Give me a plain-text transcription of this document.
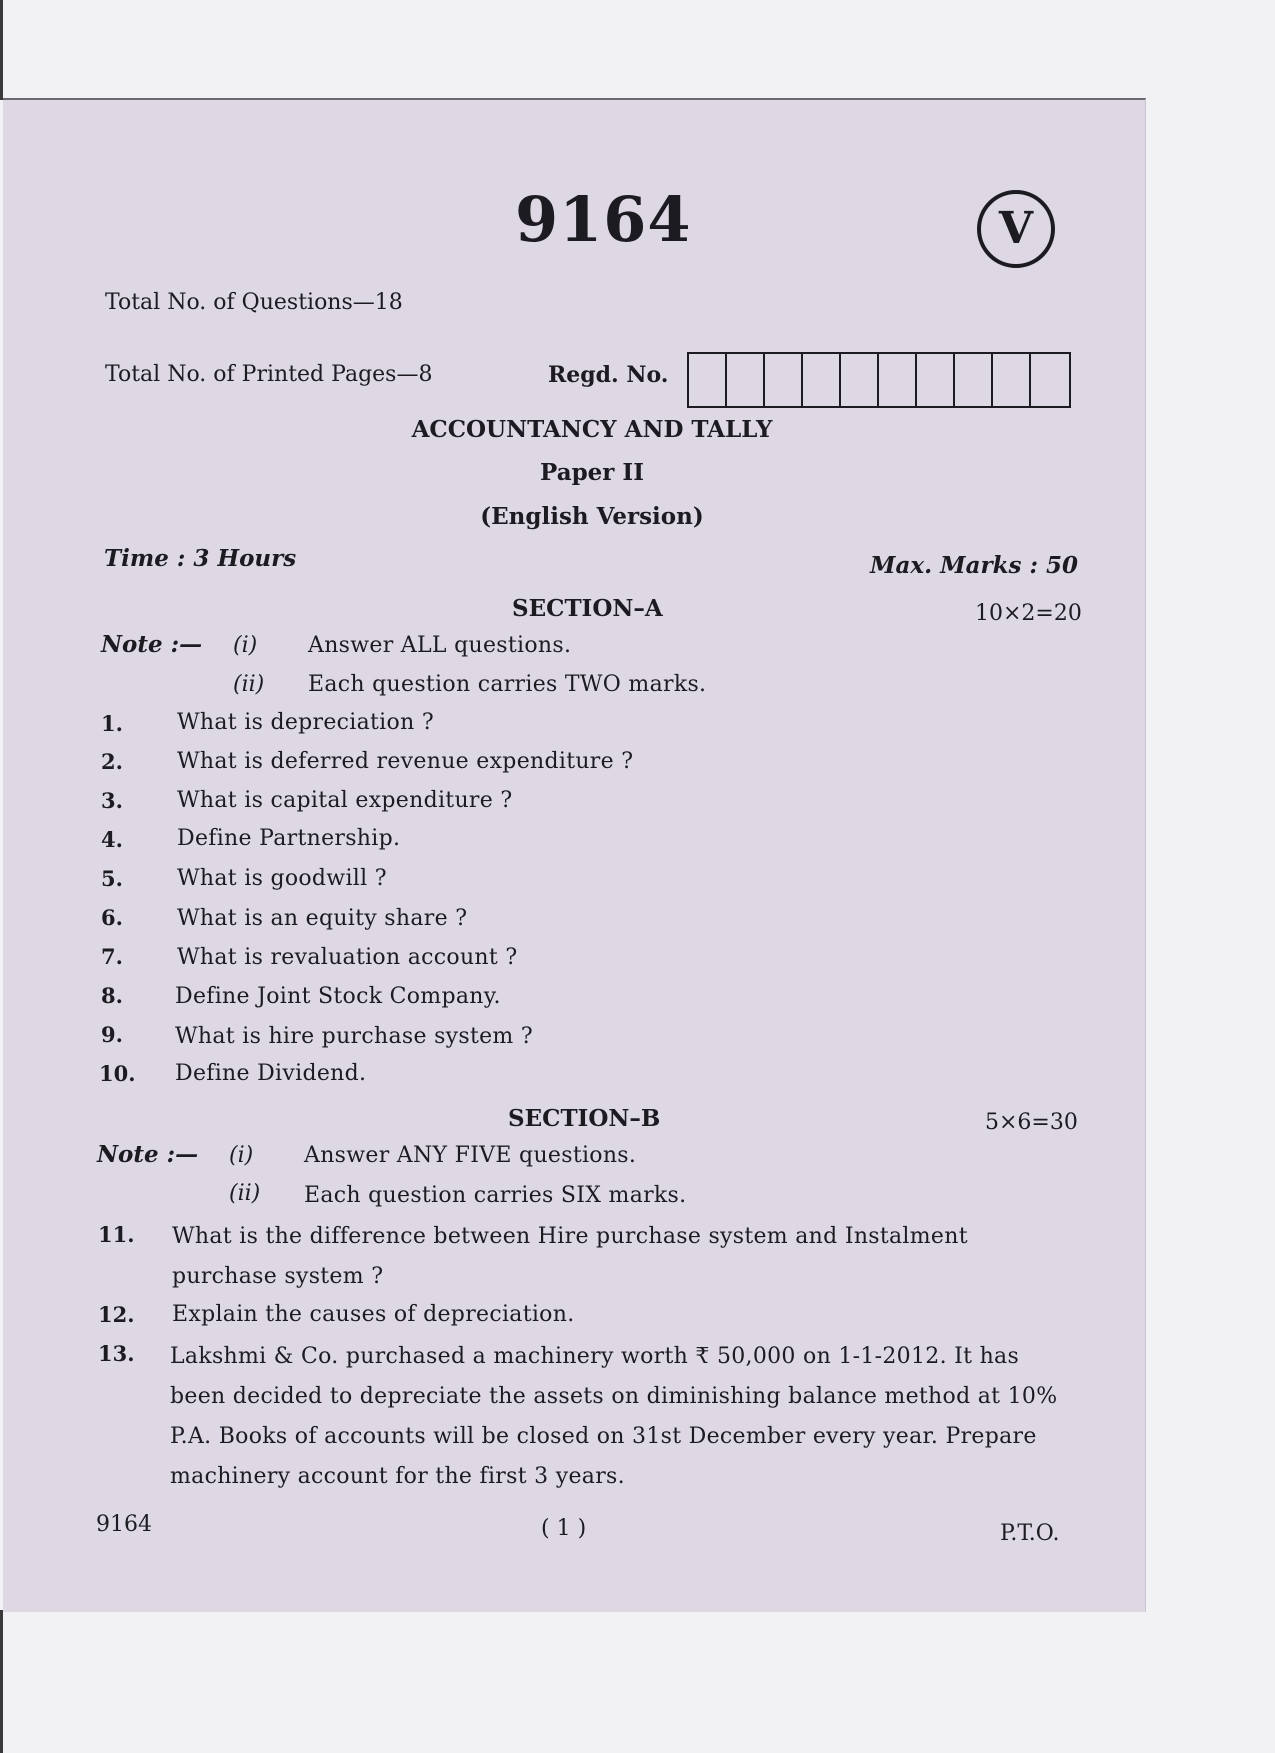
9164	V
Total No. of Questions—18
Total No. of Printed Pages—8	Regd. No.
ACCOUNTANCY AND TALLY
Paper II
(English Version)
Time : 3 Hours	Max. Marks : 50
SECTION–A	10×2=20
Note :— (i) Answer ALL questions.
(ii) Each question carries TWO marks.
1. What is depreciation ?
2. What is deferred revenue expenditure ?
3. What is capital expenditure ?
4. Define Partnership.
5. What is goodwill ?
6. What is an equity share ?
7. What is revaluation account ?
8. Define Joint Stock Company.
9. What is hire purchase system ?
10. Define Dividend.
SECTION–B	5×6=30
Note :— (i) Answer ANY FIVE questions.
(ii) Each question carries SIX marks.
11. What is the difference between Hire purchase system and Instalment purchase system ?
12. Explain the causes of depreciation.
13. Lakshmi & Co. purchased a machinery worth ₹ 50,000 on 1-1-2012. It has been decided to depreciate the assets on diminishing balance method at 10% P.A. Books of accounts will be closed on 31st December every year. Prepare machinery account for the first 3 years.
9164	( 1 )	P.T.O.
